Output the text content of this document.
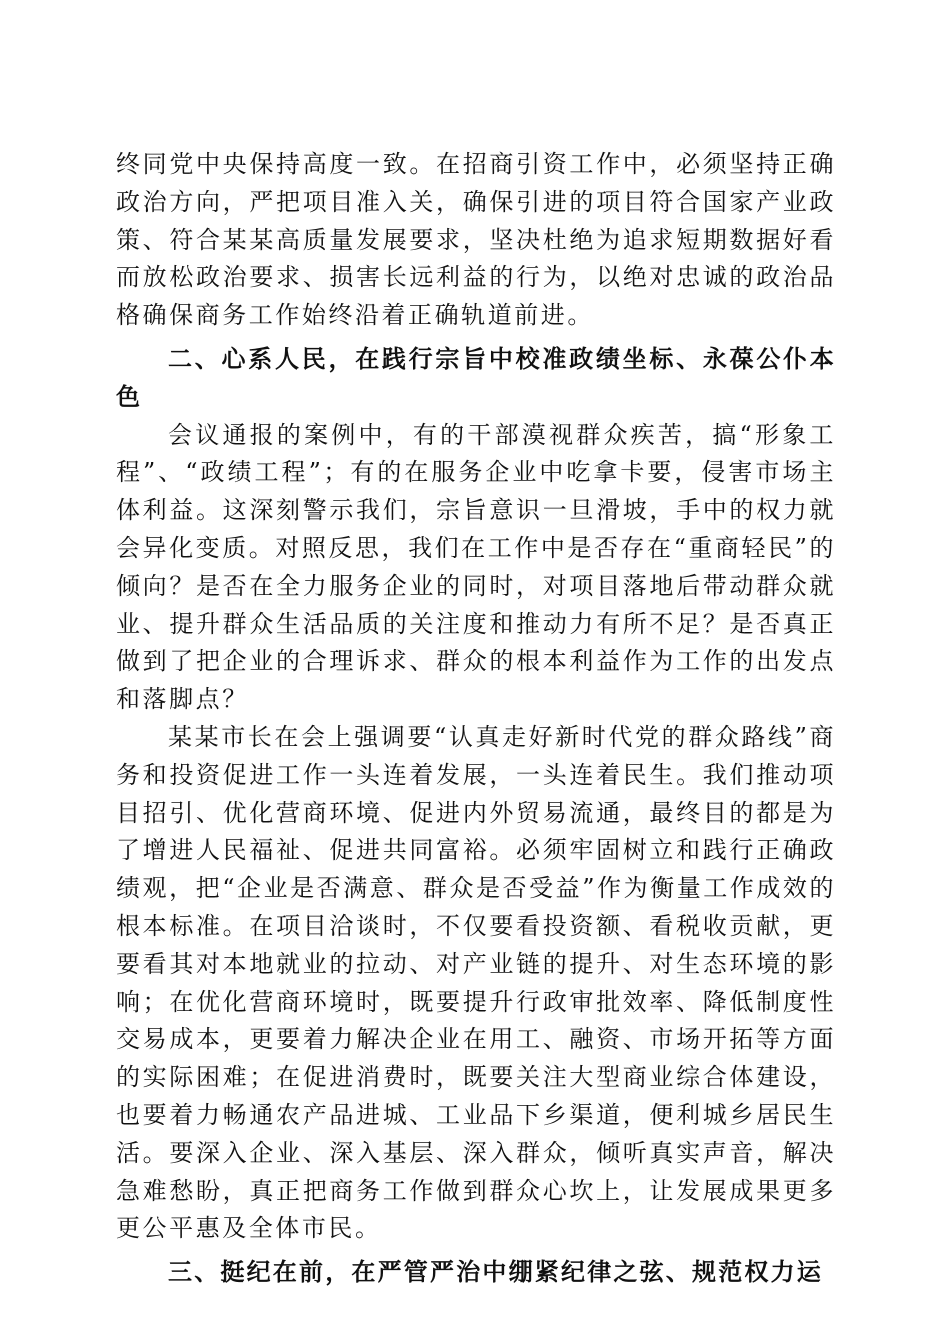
终同党中央保持高度一致。在招商引资工作中，必须坚持正确政治方向，严把项目准入关，确保引进的项目符合国家产业政策、符合某某高质量发展要求，坚决杜绝为追求短期数据好看而放松政治要求、损害长远利益的行为，以绝对忠诚的政治品格确保商务工作始终沿着正确轨道前进。

二、心系人民，在践行宗旨中校准政绩坐标、永葆公仆本色

会议通报的案例中，有的干部漠视群众疾苦，搞“形象工程”、“政绩工程”；有的在服务企业中吃拿卡要，侵害市场主体利益。这深刻警示我们，宗旨意识一旦滑坡，手中的权力就会异化变质。对照反思，我们在工作中是否存在“重商轻民”的倾向？是否在全力服务企业的同时，对项目落地后带动群众就业、提升群众生活品质的关注度和推动力有所不足？是否真正做到了把企业的合理诉求、群众的根本利益作为工作的出发点和落脚点？

某某市长在会上强调要“认真走好新时代党的群众路线”商务和投资促进工作一头连着发展，一头连着民生。我们推动项目招引、优化营商环境、促进内外贸易流通，最终目的都是为了增进人民福祉、促进共同富裕。必须牢固树立和践行正确政绩观，把“企业是否满意、群众是否受益”作为衡量工作成效的根本标准。在项目洽谈时，不仅要看投资额、看税收贡献，更要看其对本地就业的拉动、对产业链的提升、对生态环境的影响；在优化营商环境时，既要提升行政审批效率、降低制度性交易成本，更要着力解决企业在用工、融资、市场开拓等方面的实际困难；在促进消费时，既要关注大型商业综合体建设，也要着力畅通农产品进城、工业品下乡渠道，便利城乡居民生活。要深入企业、深入基层、深入群众，倾听真实声音，解决急难愁盼，真正把商务工作做到群众心坎上，让发展成果更多更公平惠及全体市民。

三、挺纪在前，在严管严治中绷紧纪律之弦、规范权力运
